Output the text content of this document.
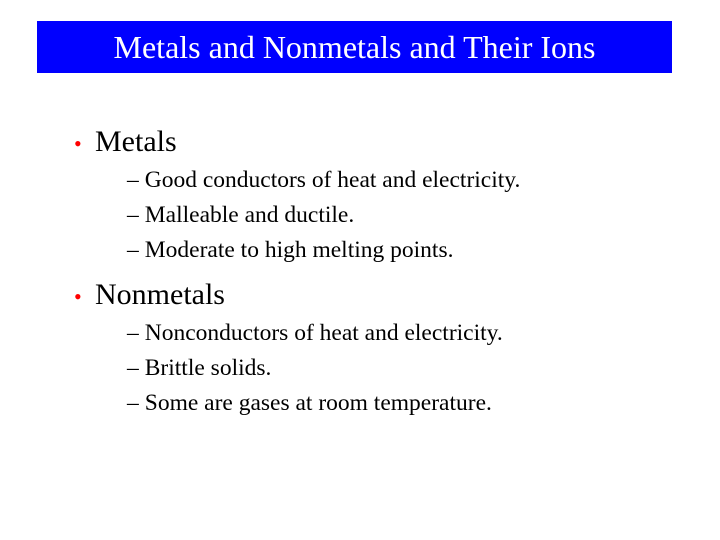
Metals and Nonmetals and Their Ions
• Metals
– Good conductors of heat and electricity.
– Malleable and ductile.
– Moderate to high melting points.
• Nonmetals
– Nonconductors of heat and electricity.
– Brittle solids.
– Some are gases at room temperature.
